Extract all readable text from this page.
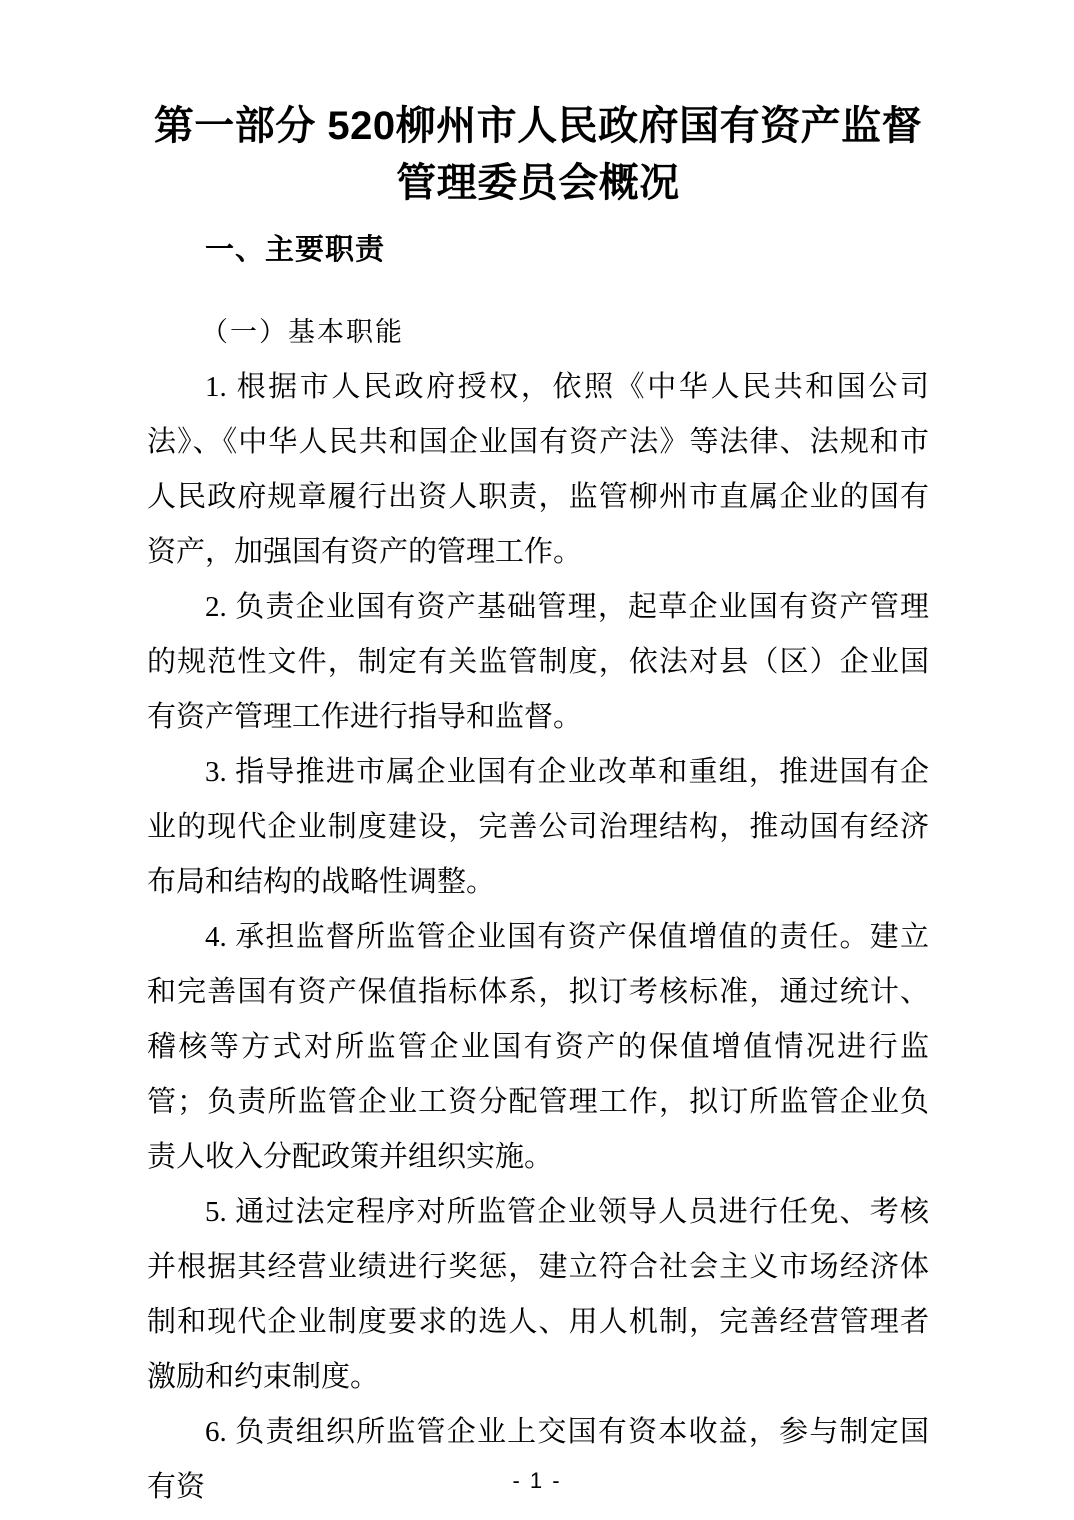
第一部分 520柳州市人民政府国有资产监督管理委员会概况
一、主要职责
（一）基本职能

1. 根据市人民政府授权，依照《中华人民共和国公司法》、《中华人民共和国企业国有资产法》等法律、法规和市人民政府规章履行出资人职责，监管柳州市直属企业的国有资产，加强国有资产的管理工作。

2. 负责企业国有资产基础管理，起草企业国有资产管理的规范性文件，制定有关监管制度，依法对县（区）企业国有资产管理工作进行指导和监督。

3. 指导推进市属企业国有企业改革和重组，推进国有企业的现代企业制度建设，完善公司治理结构，推动国有经济布局和结构的战略性调整。

4. 承担监督所监管企业国有资产保值增值的责任。建立和完善国有资产保值指标体系，拟订考核标准，通过统计、稽核等方式对所监管企业国有资产的保值增值情况进行监管；负责所监管企业工资分配管理工作，拟订所监管企业负责人收入分配政策并组织实施。

5. 通过法定程序对所监管企业领导人员进行任免、考核并根据其经营业绩进行奖惩，建立符合社会主义市场经济体制和现代企业制度要求的选人、用人机制，完善经营管理者激励和约束制度。

6. 负责组织所监管企业上交国有资本收益，参与制定国有资	- 1 -
